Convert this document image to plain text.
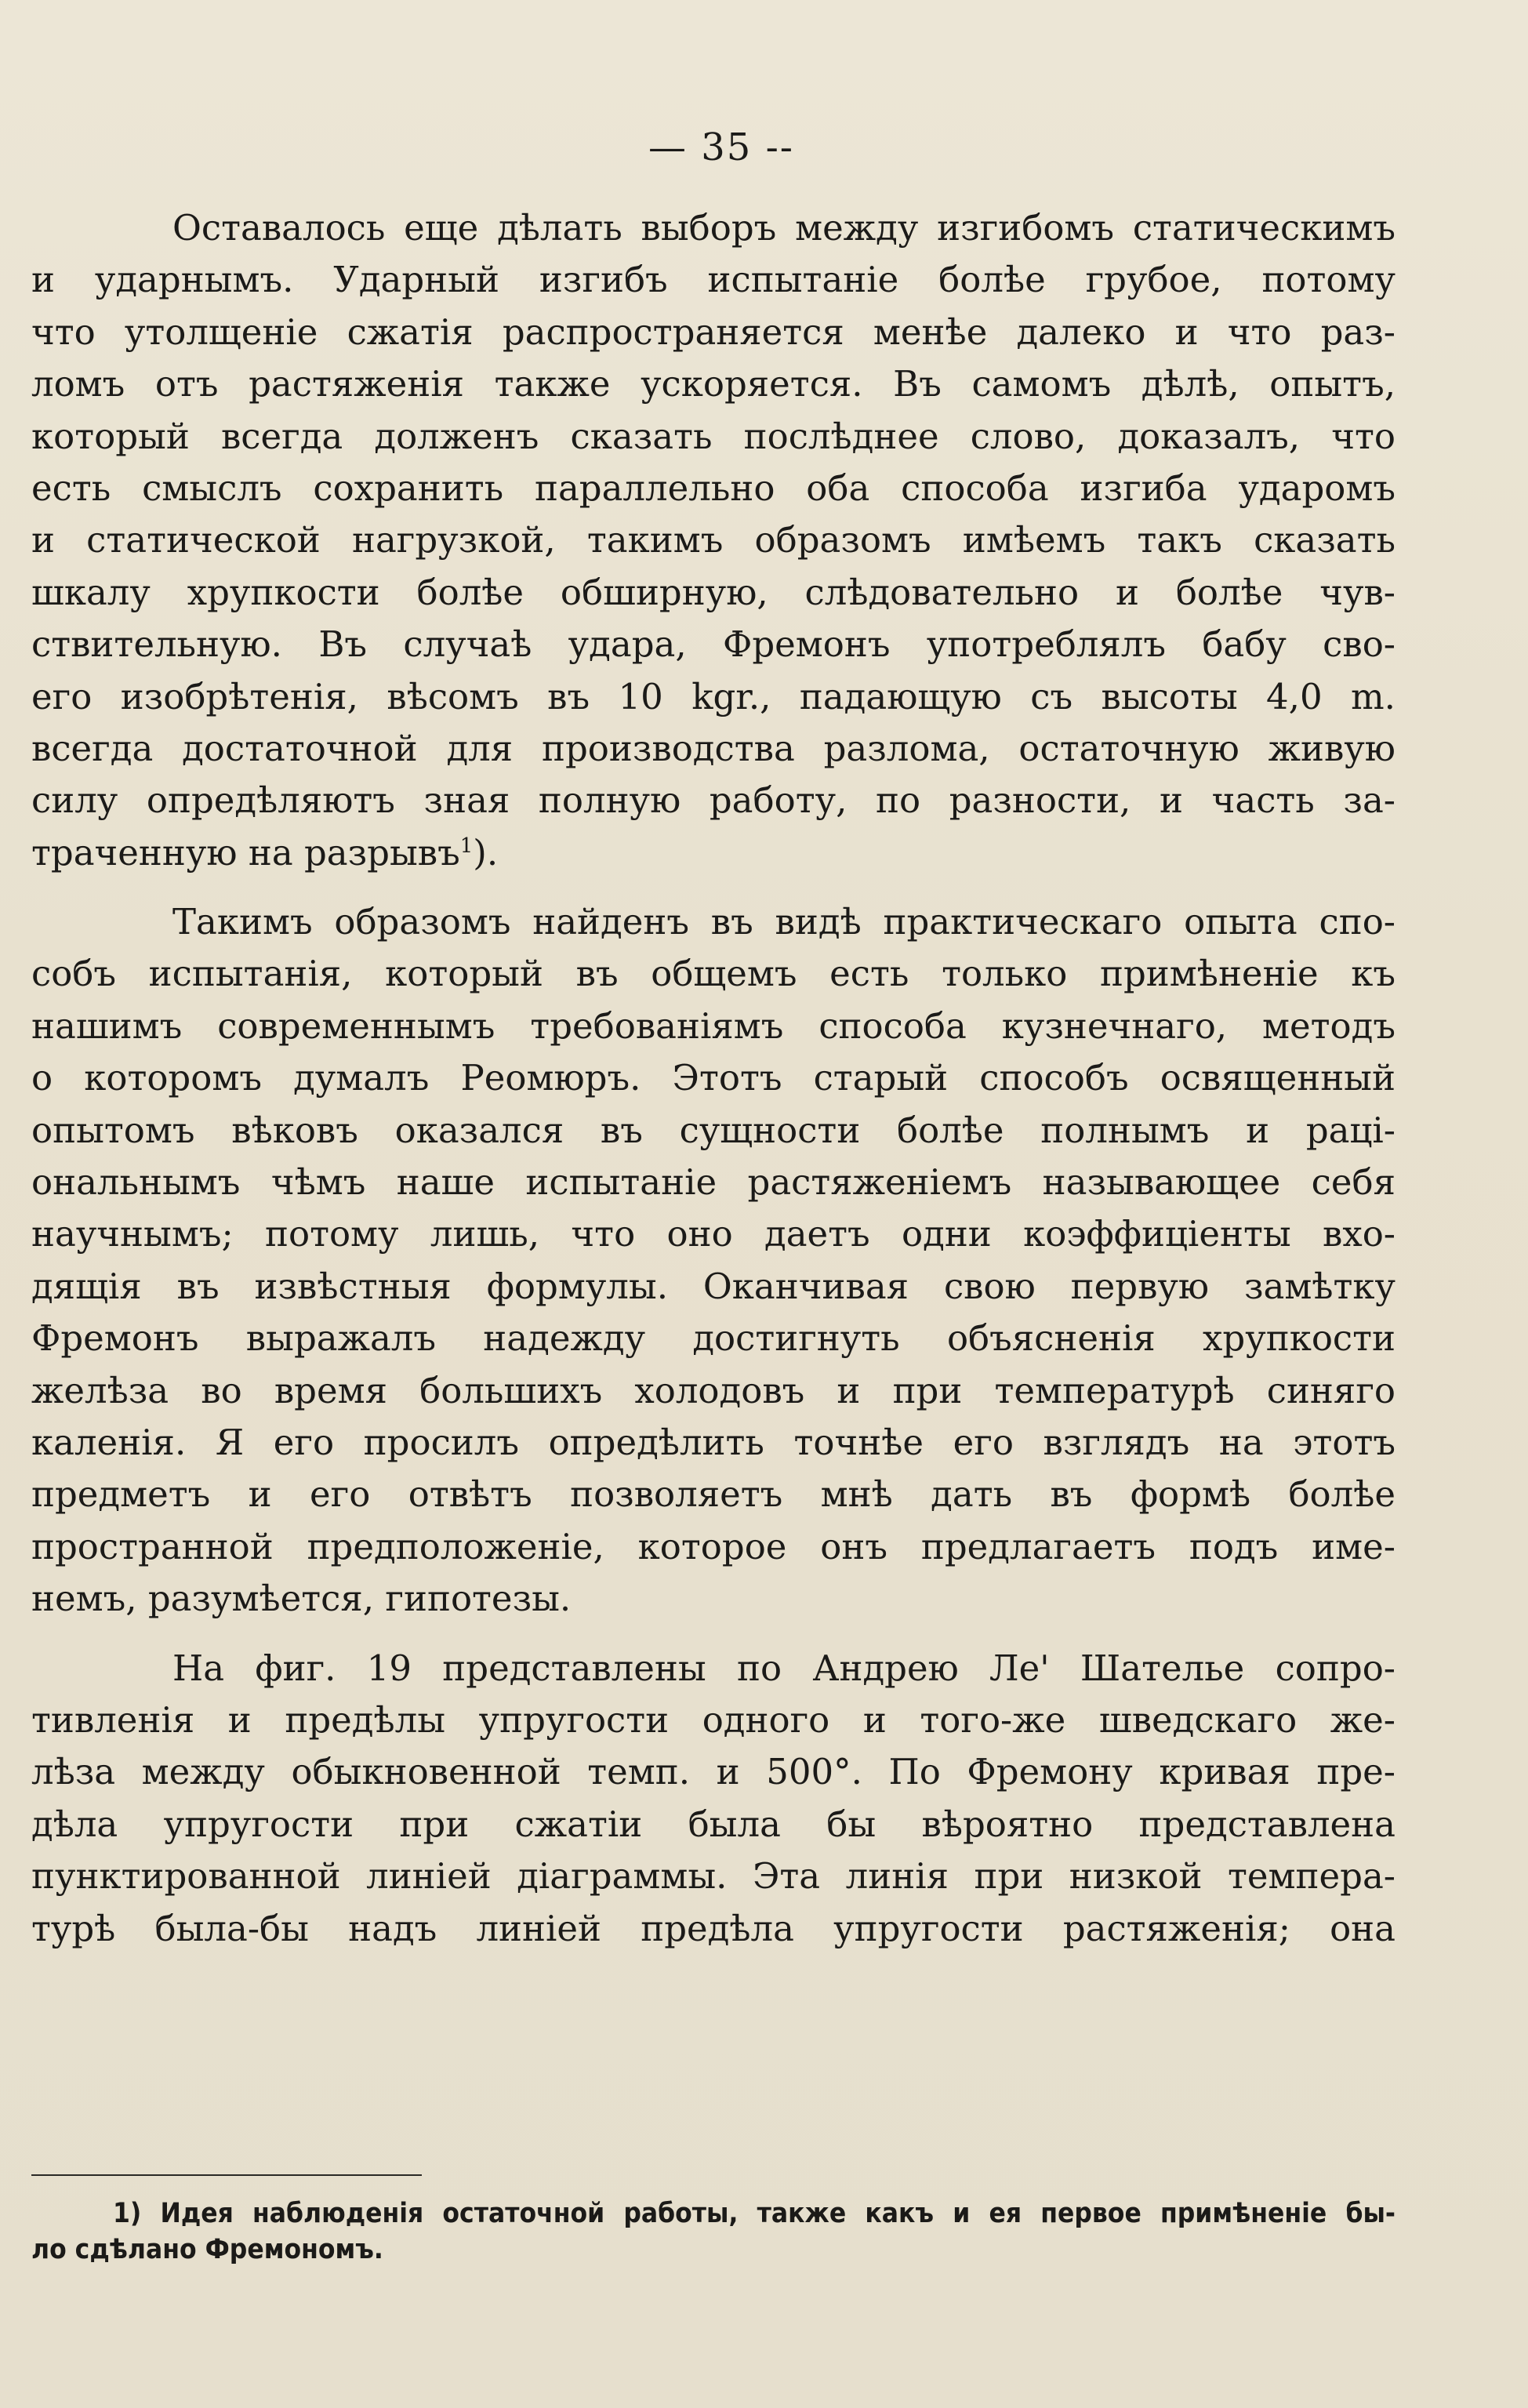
— 35 --
Оставалось еще дѣлать выборъ между изгибомъ статическимъ
и ударнымъ. Ударный изгибъ испытаніе болѣе грубое, потому
что утолщеніе сжатія распространяется менѣе далеко и что раз-
ломъ отъ растяженія также ускоряется. Въ самомъ дѣлѣ, опытъ,
который всегда долженъ сказать послѣднее слово, доказалъ, что
есть смыслъ сохранить параллельно оба способа изгиба ударомъ
и статической нагрузкой, такимъ образомъ имѣемъ такъ сказать
шкалу хрупкости болѣе обширную, слѣдовательно и болѣе чув-
ствительную. Въ случаѣ удара, Фремонъ употреблялъ бабу сво-
его изобрѣтенія, вѣсомъ въ 10 kgr., падающую съ высоты 4,0 m.
всегда достаточной для производства разлома, остаточную живую
силу опредѣляютъ зная полную работу, по разности, и часть за-
траченную на разрывъ$^1$).
Такимъ образомъ найденъ въ видѣ практическаго опыта спо-
собъ испытанія, который въ общемъ есть только примѣненіе къ
нашимъ современнымъ требованіямъ способа кузнечнаго, методъ
о которомъ думалъ Реомюръ. Этотъ старый способъ освященный
опытомъ вѣковъ оказался въ сущности болѣе полнымъ и раці-
ональнымъ чѣмъ наше испытаніе растяженіемъ называющее себя
научнымъ; потому лишь, что оно даетъ одни коэффиціенты вхо-
дящія въ извѣстныя формулы. Оканчивая свою первую замѣтку
Фремонъ выражалъ надежду достигнуть объясненія хрупкости
желѣза во время большихъ холодовъ и при температурѣ синяго
каленія. Я его просилъ опредѣлить точнѣе его взглядъ на этотъ
предметъ и его отвѣтъ позволяетъ мнѣ дать въ формѣ болѣе
пространной предположеніе, которое онъ предлагаетъ подъ име-
немъ, разумѣется, гипотезы.
На фиг. 19 представлены по Андрею Ле' Шателье сопро-
тивленія и предѣлы упругости одного и того-же шведскаго же-
лѣза между обыкновенной темп. и 500°. По Фремону кривая пре-
дѣла упругости при сжатіи была бы вѣроятно представлена
пунктированной линіей діаграммы. Эта линія при низкой темпера-
турѣ была-бы надъ линіей предѣла упругости растяженія; она
1) Идея наблюденія остаточной работы, также какъ и ея первое примѣненіе бы-
ло сдѣлано Фремономъ.
